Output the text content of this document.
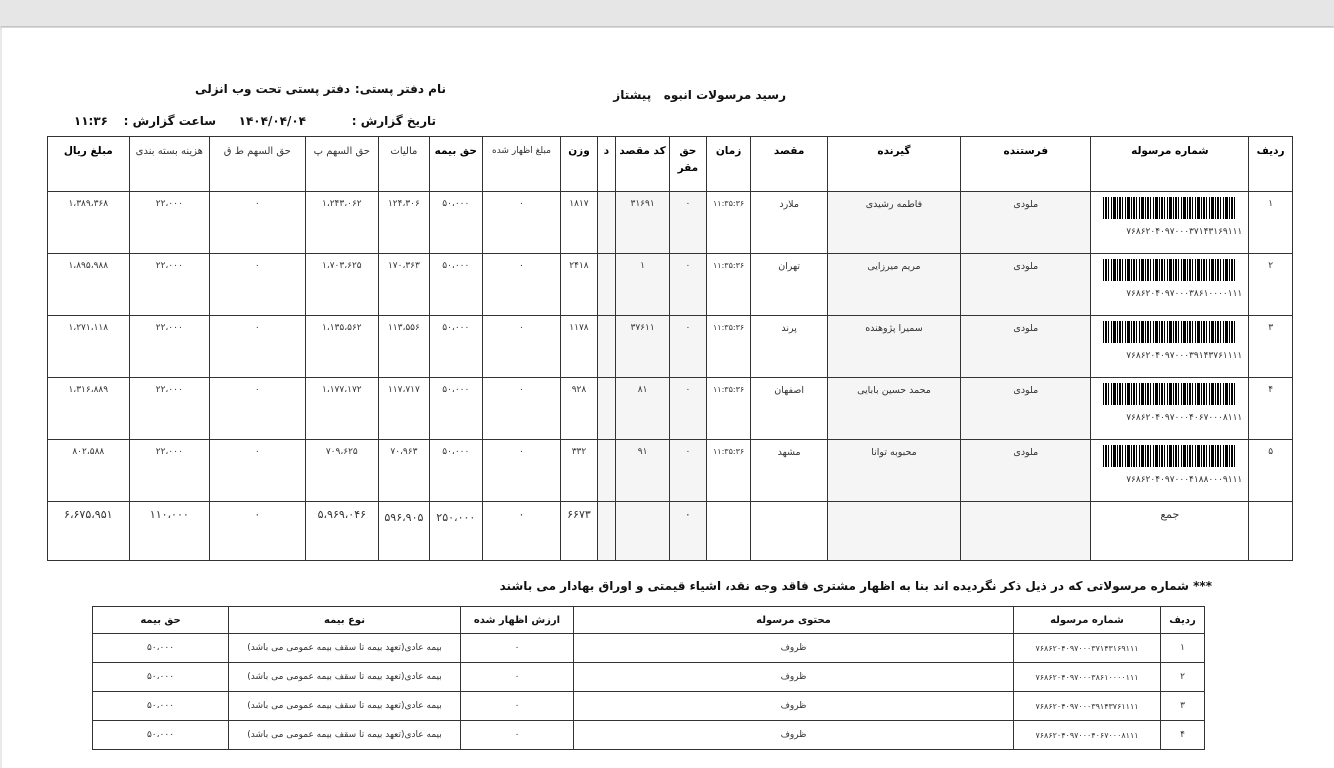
رسید مرسولات انبوه   پیشتاز
نام دفتر پستی:
دفتر پستی تحت وب انزلی
تاریخ گزارش :
۱۴۰۴/۰۴/۰۴
ساعت گزارش :
۱۱:۳۶
ردیف	شماره مرسوله	فرستنده	گیرنده	مقصد	زمان	حق مقر	کد مقصد	د	وزن	مبلغ اظهار شده	حق بیمه	مالیات	حق السهم پ	حق السهم ط ق	هزینه بسته بندی	مبلغ ریال
۱	۷۶۸۶۲۰۴۰۹۷۰۰۰۳۷۱۴۳۱۶۹۱۱۱	ملودی	فاطمه رشیدی	ملارد	۱۱:۳۵:۳۶	۰	۳۱۶۹۱		۱۸۱۷	۰	۵۰،۰۰۰	۱۲۴،۳۰۶	۱،۲۴۳،۰۶۲	۰	۲۲،۰۰۰	۱،۳۸۹،۳۶۸
۲	۷۶۸۶۲۰۴۰۹۷۰۰۰۳۸۶۱۰۰۰۰۱۱۱	ملودی	مریم میرزایی	تهران	۱۱:۳۵:۳۶	۰	۱		۲۴۱۸	۰	۵۰،۰۰۰	۱۷۰،۳۶۳	۱،۷۰۳،۶۲۵	۰	۲۲،۰۰۰	۱،۸۹۵،۹۸۸
۳	۷۶۸۶۲۰۴۰۹۷۰۰۰۳۹۱۴۳۷۶۱۱۱۱	ملودی	سمیرا پژوهنده	پرند	۱۱:۳۵:۳۶	۰	۳۷۶۱۱		۱۱۷۸	۰	۵۰،۰۰۰	۱۱۳،۵۵۶	۱،۱۳۵،۵۶۲	۰	۲۲،۰۰۰	۱،۲۷۱،۱۱۸
۴	۷۶۸۶۲۰۴۰۹۷۰۰۰۴۰۶۷۰۰۰۸۱۱۱	ملودی	محمد حسین بابایی	اصفهان	۱۱:۳۵:۳۶	۰	۸۱		۹۲۸	۰	۵۰،۰۰۰	۱۱۷،۷۱۷	۱،۱۷۷،۱۷۲	۰	۲۲،۰۰۰	۱،۳۱۶،۸۸۹
۵	۷۶۸۶۲۰۴۰۹۷۰۰۰۴۱۸۸۰۰۰۹۱۱۱	ملودی	محبوبه توانا	مشهد	۱۱:۳۵:۳۶	۰	۹۱		۳۳۲	۰	۵۰،۰۰۰	۷۰،۹۶۳	۷۰۹،۶۲۵	۰	۲۲،۰۰۰	۸۰۲،۵۸۸
	جمع					۰			۶۶۷۳	۰	۲۵۰،۰۰۰	۵۹۶،۹۰۵	۵،۹۶۹،۰۴۶	۰	۱۱۰،۰۰۰	۶،۶۷۵،۹۵۱
*** شماره مرسولاتی که در ذیل ذکر نگردیده اند بنا به اظهار مشتری فاقد وجه نقد، اشیاء قیمتی و اوراق بهادار می باشند
ردیف	شماره مرسوله	محتوی مرسوله	ارزش اظهار شده	نوع بیمه	حق بیمه
۱	۷۶۸۶۲۰۴۰۹۷۰۰۰۳۷۱۴۳۱۶۹۱۱۱	ظروف	۰	بیمه عادی(تعهد بیمه تا سقف بیمه عمومی می باشد)	۵۰،۰۰۰
۲	۷۶۸۶۲۰۴۰۹۷۰۰۰۳۸۶۱۰۰۰۰۱۱۱	ظروف	۰	بیمه عادی(تعهد بیمه تا سقف بیمه عمومی می باشد)	۵۰،۰۰۰
۳	۷۶۸۶۲۰۴۰۹۷۰۰۰۳۹۱۴۳۷۶۱۱۱۱	ظروف	۰	بیمه عادی(تعهد بیمه تا سقف بیمه عمومی می باشد)	۵۰،۰۰۰
۴	۷۶۸۶۲۰۴۰۹۷۰۰۰۴۰۶۷۰۰۰۸۱۱۱	ظروف	۰	بیمه عادی(تعهد بیمه تا سقف بیمه عمومی می باشد)	۵۰،۰۰۰
